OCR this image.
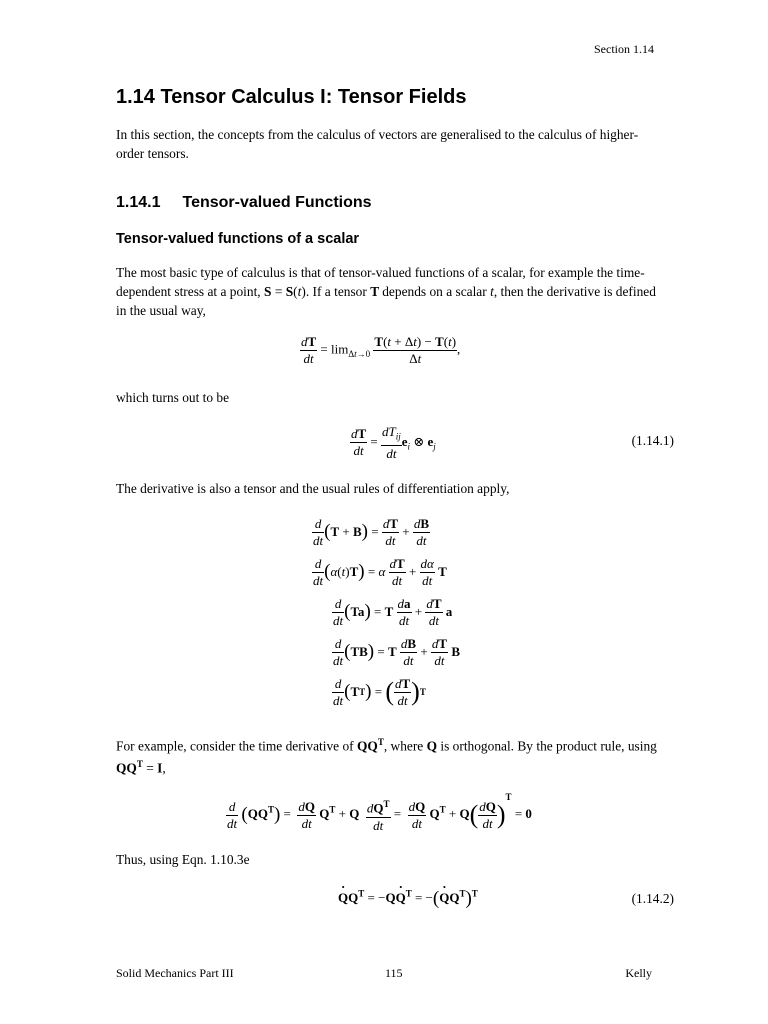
Section 1.14
1.14 Tensor Calculus I: Tensor Fields
In this section, the concepts from the calculus of vectors are generalised to the calculus of higher-order tensors.
1.14.1 Tensor-valued Functions
Tensor-valued functions of a scalar
The most basic type of calculus is that of tensor-valued functions of a scalar, for example the time-dependent stress at a point, S = S(t). If a tensor T depends on a scalar t, then the derivative is defined in the usual way,
$\frac{dT}{dt} = \lim_{\Delta t\to 0} \frac{T(t + \Delta t) - T(t)}{\Delta t}$ ,
which turns out to be
$\frac{dT}{dt} = \frac{dT_{ij}}{dt} e_i$ ⊗ $e_j$	(1.14.1)
The derivative is also a tensor and the usual rules of differentiation apply,
$\frac{d}{dt}$ ( T + B ) = $\frac{dT}{dt} + \frac{dB}{dt}$
$\frac{d}{dt}$ ( α ( t ) T ) = α
$\frac{dT}{dt} + \frac{d\alpha}{dt}$
T
$\frac{d}{dt}$ ( Ta ) = T
$\frac{da}{dt} + \frac{dT}{dt}$
a
$\frac{d}{dt}$ ( TB ) = T
$\frac{dB}{dt} + \frac{dT}{dt}$
B
$\frac{d}{dt}$ ( T T ) = ( $\frac{dT}{dt}$ ) T
For example, consider the time derivative of $QQ^T$, where Q is orthogonal. By the product rule, using $QQ^T = I$,
$\frac{d}{dt} (QQ^T) = \frac{dQ}{dt} Q^T + Q \frac{dQ^T}{dt} = \frac{dQ}{dt} Q^T + Q( \frac{dQ}{dt} )^T = 0$
Thus, using Eqn. 1.10.3e
· $QQ^T = -Q\cdot Q^T$ = −(· $QQ^T)^T$	(1.14.2)
Solid Mechanics Part III	115	Kelly
